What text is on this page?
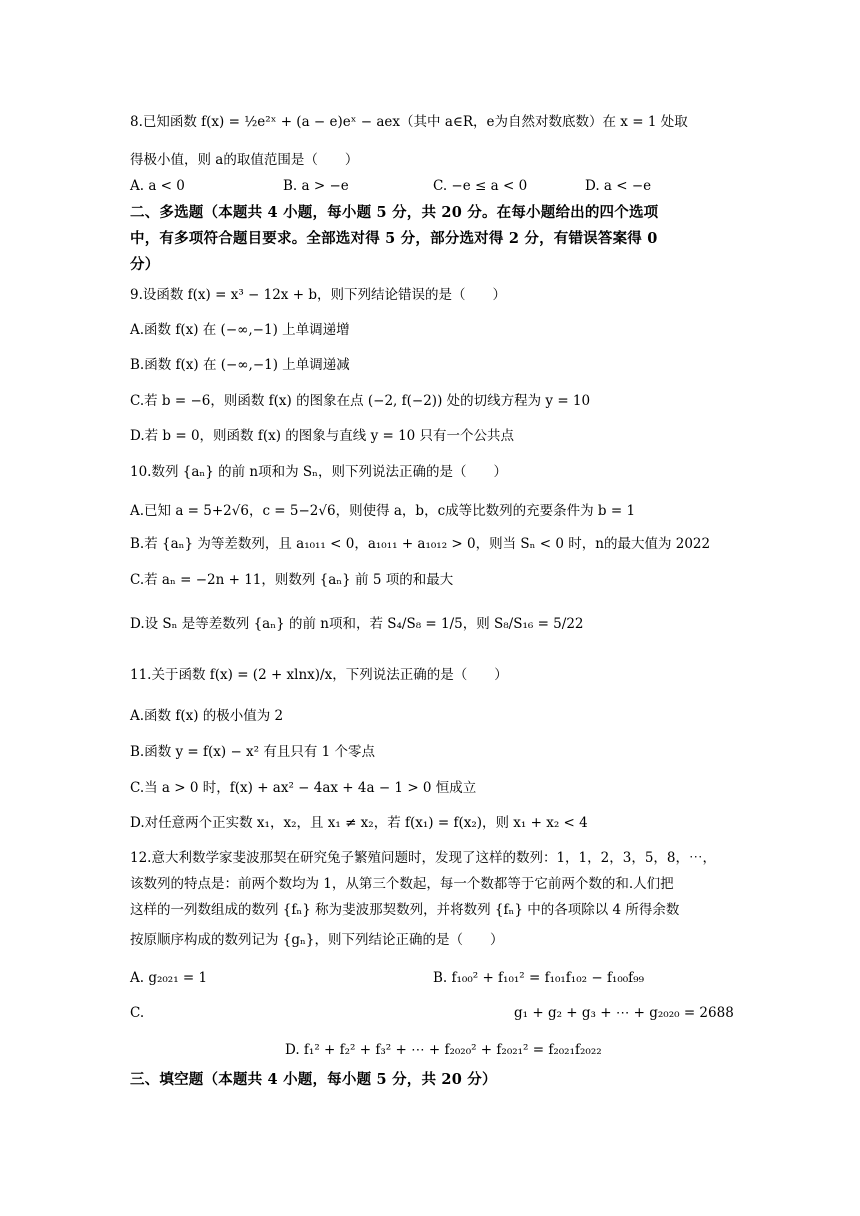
8.已知函数 f(x) = ½e²ˣ + (a − e)eˣ − aex（其中 a∈R，e为自然对数底数）在 x = 1 处取
得极小值，则 a的取值范围是（　　）
A. a < 0	B. a > −e	C. −e ≤ a < 0	D. a < −e
二、多选题（本题共 4 小题，每小题 5 分，共 20 分。在每小题给出的四个选项
中，有多项符合题目要求。全部选对得 5 分，部分选对得 2 分，有错误答案得 0
分）
9.设函数 f(x) = x³ − 12x + b，则下列结论错误的是（　　）
A.函数 f(x) 在 (−∞,−1) 上单调递增
B.函数 f(x) 在 (−∞,−1) 上单调递减
C.若 b = −6，则函数 f(x) 的图象在点 (−2, f(−2)) 处的切线方程为 y = 10
D.若 b = 0，则函数 f(x) 的图象与直线 y = 10 只有一个公共点
10.数列 {aₙ} 的前 n项和为 Sₙ，则下列说法正确的是（　　）
A.已知 a = 5+2√6，c = 5−2√6，则使得 a，b，c成等比数列的充要条件为 b = 1
B.若 {aₙ} 为等差数列，且 a₁₀₁₁ < 0，a₁₀₁₁ + a₁₀₁₂ > 0，则当 Sₙ < 0 时，n的最大值为 2022
C.若 aₙ = −2n + 11，则数列 {aₙ} 前 5 项的和最大
D.设 Sₙ 是等差数列 {aₙ} 的前 n项和，若 S₄/S₈ = 1/5，则 S₈/S₁₆ = 5/22
11.关于函数 f(x) = (2 + xlnx)/x，下列说法正确的是（　　）
A.函数 f(x) 的极小值为 2
B.函数 y = f(x) − x² 有且只有 1 个零点
C.当 a > 0 时，f(x) + ax² − 4ax + 4a − 1 > 0 恒成立
D.对任意两个正实数 x₁，x₂，且 x₁ ≠ x₂，若 f(x₁) = f(x₂)，则 x₁ + x₂ < 4
12.意大利数学家斐波那契在研究兔子繁殖问题时，发现了这样的数列：1，1，2，3，5，8，⋯，
该数列的特点是：前两个数均为 1，从第三个数起，每一个数都等于它前两个数的和.人们把
这样的一列数组成的数列 {fₙ} 称为斐波那契数列，并将数列 {fₙ} 中的各项除以 4 所得余数
按原顺序构成的数列记为 {gₙ}，则下列结论正确的是（　　）
A. g₂₀₂₁ = 1	B. f₁₀₀² + f₁₀₁² = f₁₀₁f₁₀₂ − f₁₀₀f₉₉
C.	g₁ + g₂ + g₃ + ⋯ + g₂₀₂₀ = 2688
D. f₁² + f₂² + f₃² + ⋯ + f₂₀₂₀² + f₂₀₂₁² = f₂₀₂₁f₂₀₂₂
三、填空题（本题共 4 小题，每小题 5 分，共 20 分）
